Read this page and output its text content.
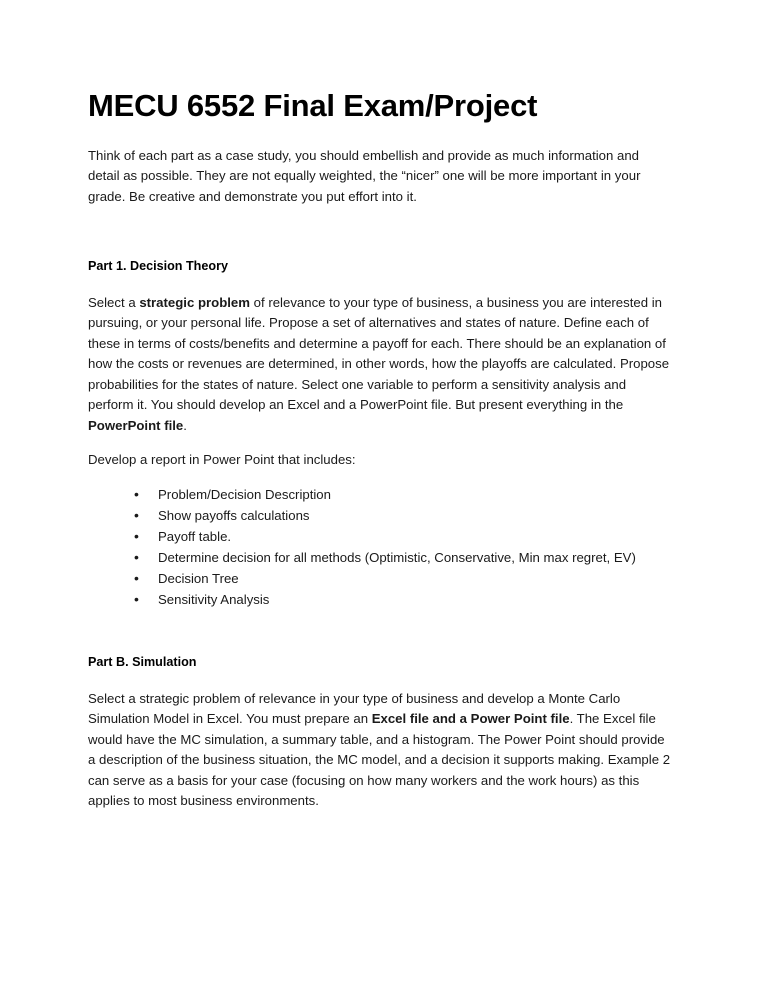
MECU 6552 Final Exam/Project

Think of each part as a case study, you should embellish and provide as much information and detail as possible. They are not equally weighted, the “nicer” one will be more important in your grade. Be creative and demonstrate you put effort into it.

Part 1. Decision Theory

Select a strategic problem of relevance to your type of business, a business you are interested in pursuing, or your personal life. Propose a set of alternatives and states of nature. Define each of these in terms of costs/benefits and determine a payoff for each. There should be an explanation of how the costs or revenues are determined, in other words, how the playoffs are calculated. Propose probabilities for the states of nature. Select one variable to perform a sensitivity analysis and perform it. You should develop an Excel and a PowerPoint file. But present everything in the PowerPoint file.

Develop a report in Power Point that includes:

• Problem/Decision Description
• Show payoffs calculations
• Payoff table.
• Determine decision for all methods (Optimistic, Conservative, Min max regret, EV)
• Decision Tree
• Sensitivity Analysis
Part B. Simulation

Select a strategic problem of relevance in your type of business and develop a Monte Carlo Simulation Model in Excel. You must prepare an Excel file and a Power Point file. The Excel file would have the MC simulation, a summary table, and a histogram. The Power Point should provide a description of the business situation, the MC model, and a decision it supports making. Example 2 can serve as a basis for your case (focusing on how many workers and the work hours) as this applies to most business environments.
